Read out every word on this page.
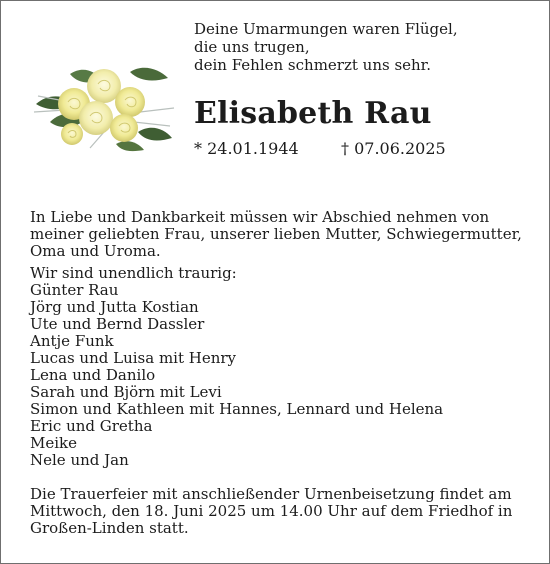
Deine Umarmungen waren Flügel,
die uns trugen,
dein Fehlen schmerzt uns sehr.
Elisabeth Rau
* 24.01.1944	† 07.06.2025

In Liebe und Dankbarkeit müssen wir Abschied nehmen von
meiner geliebten Frau, unserer lieben Mutter, Schwiegermutter,
Oma und Uroma.

Wir sind unendlich traurig:
Günter Rau
Jörg und Jutta Kostian
Ute und Bernd Dassler
Antje Funk
Lucas und Luisa mit Henry
Lena und Danilo
Sarah und Björn mit Levi
Simon und Kathleen mit Hannes, Lennard und Helena
Eric und Gretha
Meike
Nele und Jan

Die Trauerfeier mit anschließender Urnenbeisetzung findet am
Mittwoch, den 18. Juni 2025 um 14.00 Uhr auf dem Friedhof in
Großen-Linden statt.
